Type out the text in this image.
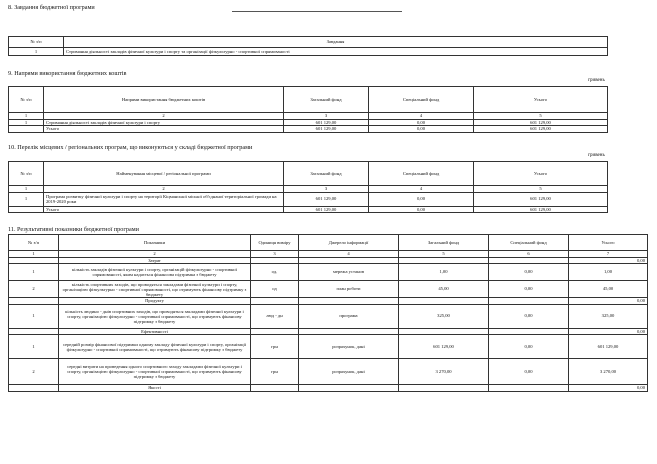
8. Завдання бюджетної програми
№ з/п	Завдання
1	Стримання діяльності закладів фізичної культури і спорту та організації фізкультурно - спортивної спрямованості
9. Напрями використання бюджетних коштів
гривень
№ з/п	Напрями використання бюджетних коштів	Загальний фонд	Спеціальний фонд	Усього
1	2	3	4	5
1	Стримання діяльності закладів фізичної культури і спорту	601 129,00	0,00	601 129,00
	Усього	601 129,00	0,00	601 129,00
10. Перелік місцевих / регіональних програм, що виконуються у складі бюджетної програми
гривень
№ з/п	Найменування місцевої / регіональної програми	Загальний фонд	Спеціальний фонд	Усього
1	2	3	4	5
1	Програма розвитку фізичної культури і спорту на території Кіцманської міської об'єднаної територіальної громади на 2019-2020 роки	601 129,00	0,00	601 129,00
	Усього	601 129,00	0,00	601 129,00
11. Результативні показники бюджетної програми
№ з/п	Показники	Одиниця виміру	Джерело інформації	Загальний фонд	Спеціальний фонд	Усього
1	2	3	4	5	6	7
	Затрат					0,00
1	кількість закладів фізичної культури і спорту, організацій фізкультурно - спортивної спрямованості, яким надається фінансова підтримка з бюджету	од.	мережа установ	1,00	0,00	1,00
2	кількість спортивних заходів, що проводяться закладами фізичної культури і спорту, організацією фізкультурно - спортивної спрямованості, що отримують фінансову підтримку з бюджету	од	план роботи	45,00	0,00	45,00
	Продукту					0,00
1	кількість людино - днів спортивних заходів, що проводяться закладами фізичної культури і спорту, організацією фізкультурно - спортивної спрямованості, що отримують фінансову підтримку з бюджету	люд - дн	програма	325,00	0,00	325,00
	Ефективності					0,00
1	середній розмір фінансової підтримки одному закладу фізичної культури і спорту, організації фізкультурно - спортивної спрямованості, що отримують фінансову підтримку з бюджету	грн	розрахунок, дані	601 129,00	0,00	601 129,00
2	середні витрати на проведення одного спортивного заходу закладами фізичної культури і спорту, організацією фізкультурно - спортивної спрямованості, що отримують фінансову підтримку з бюджету	грн	розрахунок, дані	3 270,00	0,00	3 270,00
	Якості					0,00
